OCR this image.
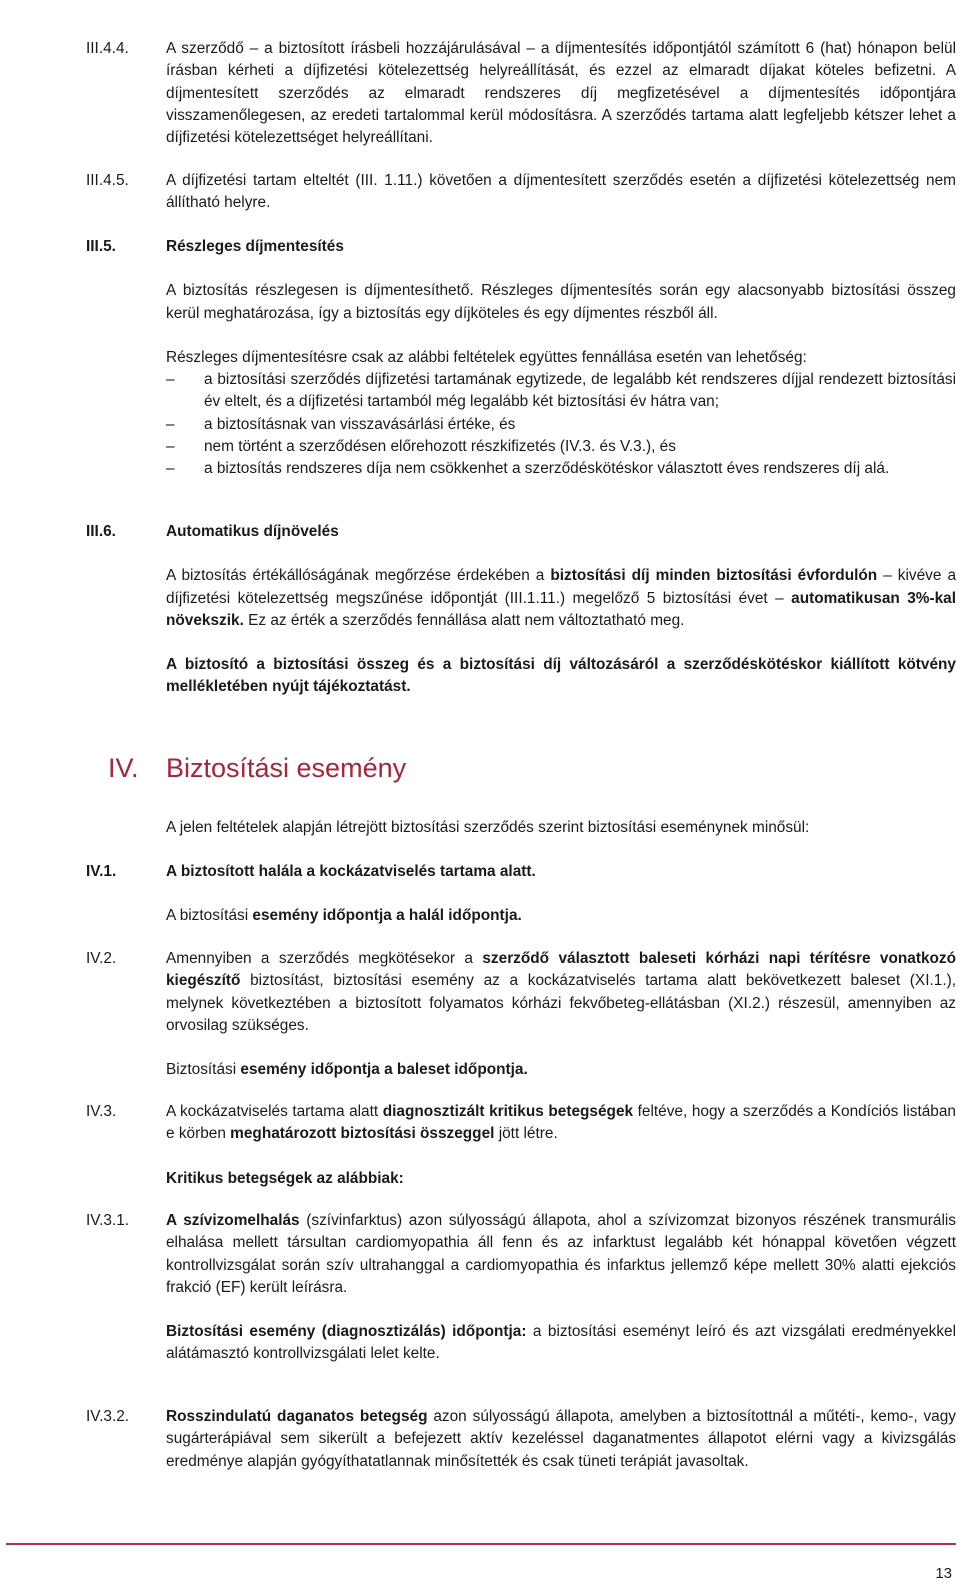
III.4.4.	A szerződő – a biztosított írásbeli hozzájárulásával – a díjmentesítés időpontjától számított 6 (hat) hónapon belül írásban kérheti a díjfizetési kötelezettség helyreállítását, és ezzel az elmaradt díjakat köteles befizetni. A díjmentesített szerződés az elmaradt rendszeres díj megfizetésével a díjmentesítés időpontjára visszamenőlegesen, az eredeti tartalommal kerül módosításra. A szerződés tartama alatt legfeljebb kétszer lehet a díjfizetési kötelezettséget helyreállítani.

III.4.5.	A díjfizetési tartam elteltét (III. 1.11.) követően a díjmentesített szerződés esetén a díjfizetési kötelezettség nem állítható helyre.

III.5.	Részleges díjmentesítés

A biztosítás részlegesen is díjmentesíthető. Részleges díjmentesítés során egy alacsonyabb biztosítási összeg kerül meghatározása, így a biztosítás egy díjköteles és egy díjmentes részből áll.

Részleges díjmentesítésre csak az alábbi feltételek együttes fennállása esetén van lehetőség:

– a biztosítási szerződés díjfizetési tartamának egytizede, de legalább két rendszeres díjjal rendezett biztosítási év eltelt, és a díjfizetési tartamból még legalább két biztosítási év hátra van;
– a biztosításnak van visszavásárlási értéke, és
– nem történt a szerződésen előrehozott részkifizetés (IV.3. és V.3.), és
– a biztosítás rendszeres díja nem csökkenhet a szerződéskötéskor választott éves rendszeres díj alá.
III.6.	Automatikus díjnövelés

A biztosítás értékállóságának megőrzése érdekében a biztosítási díj minden biztosítási évfordulón – kivéve a díjfizetési kötelezettség megszűnése időpontját (III.1.11.) megelőző 5 biztosítási évet – automatikusan 3%-kal növekszik. Ez az érték a szerződés fennállása alatt nem változtatható meg.

A biztosító a biztosítási összeg és a biztosítási díj változásáról a szerződéskötéskor kiállított kötvény mellékletében nyújt tájékoztatást.

IV. Biztosítási esemény

A jelen feltételek alapján létrejött biztosítási szerződés szerint biztosítási eseménynek minősül:

IV.1.	A biztosított halála a kockázatviselés tartama alatt.

A biztosítási esemény időpontja a halál időpontja.

IV.2.	Amennyiben a szerződés megkötésekor a szerződő választott baleseti kórházi napi térítésre vonatkozó kiegészítő biztosítást, biztosítási esemény az a kockázatviselés tartama alatt bekövetkezett baleset (XI.1.), melynek következtében a biztosított folyamatos kórházi fekvőbeteg-ellátásban (XI.2.) részesül, amennyiben az orvosilag szükséges.

Biztosítási esemény időpontja a baleset időpontja.

IV.3.	A kockázatviselés tartama alatt diagnosztizált kritikus betegségek feltéve, hogy a szerződés a Kondíciós listában e körben meghatározott biztosítási összeggel jött létre.

Kritikus betegségek az alábbiak:

IV.3.1.	A szívizomelhalás (szívinfarktus) azon súlyosságú állapota, ahol a szívizomzat bizonyos részének transmurális elhalása mellett társultan cardiomyopathia áll fenn és az infarktust legalább két hónappal követően végzett kontrollvizsgálat során szív ultrahanggal a cardiomyopathia és infarktus jellemző képe mellett 30% alatti ejekciós frakció (EF) került leírásra.

Biztosítási esemény (diagnosztizálás) időpontja: a biztosítási eseményt leíró és azt vizsgálati eredményekkel alátámasztó kontrollvizsgálati lelet kelte.

IV.3.2.	Rosszindulatú daganatos betegség azon súlyosságú állapota, amelyben a biztosítottnál a műtéti-, kemo-, vagy sugárterápiával sem sikerült a befejezett aktív kezeléssel daganatmentes állapotot elérni vagy a kivizsgálás eredménye alapján gyógyíthatatlannak minősítették és csak tüneti terápiát javasoltak.

13
